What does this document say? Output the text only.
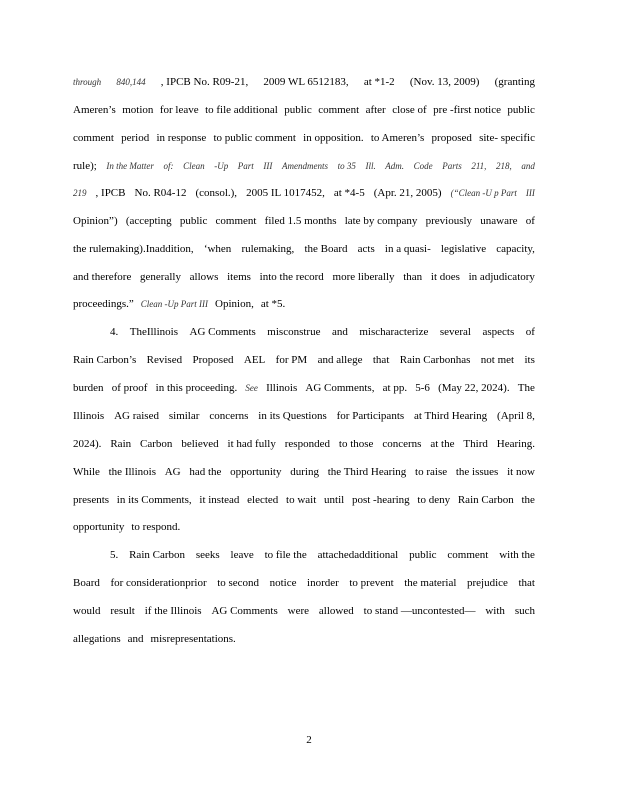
through 840,144 , IPCB No. R09-21, 2009 WL 6512183, at *1-2 (Nov. 13, 2009) (granting
Ameren’s motion for leave to file additional public comment after close of pre -first notice public
comment period in response to public comment in opposition. to Ameren’s proposed site- specific
rule); In the Matter of: Clean -Up Part III Amendments to 35 Ill. Adm. Code Parts 211, 218, and
219 , IPCB No. R04-12 (consol.), 2005 IL 1017452, at *4-5 (Apr. 21, 2005) (“Clean -U p Part III
Opinion”) (accepting public comment filed 1.5 months late by company previously unaware of
the rulemaking).Inaddition, ‘when rulemaking, the Board acts in a quasi- legislative capacity,
and therefore generally allows items into the record more liberally than it does in adjudicatory
proceedings.” Clean -Up Part III Opinion, at *5.
4. TheIllinois AG Comments misconstrue and mischaracterize several aspects of
Rain Carbon’s Revised Proposed AEL for PM and allege that Rain Carbonhas not met its
burden of proof in this proceeding. See Illinois AG Comments, at pp. 5-6 (May 22, 2024). The
Illinois AG raised similar concerns in its Questions for Participants at Third Hearing (April 8,
2024). Rain Carbon believed it had fully responded to those concerns at the Third Hearing.
While the Illinois AG had the opportunity during the Third Hearing to raise the issues it now
presents in its Comments, it instead elected to wait until post -hearing to deny Rain Carbon the
opportunity to respond.
5. Rain Carbon seeks leave to file the attachedadditional public comment with the
Board for considerationprior to second notice inorder to prevent the material prejudice that
would result if the Illinois AG Comments were allowed to stand —uncontested— with such
allegations and misrepresentations.
2
